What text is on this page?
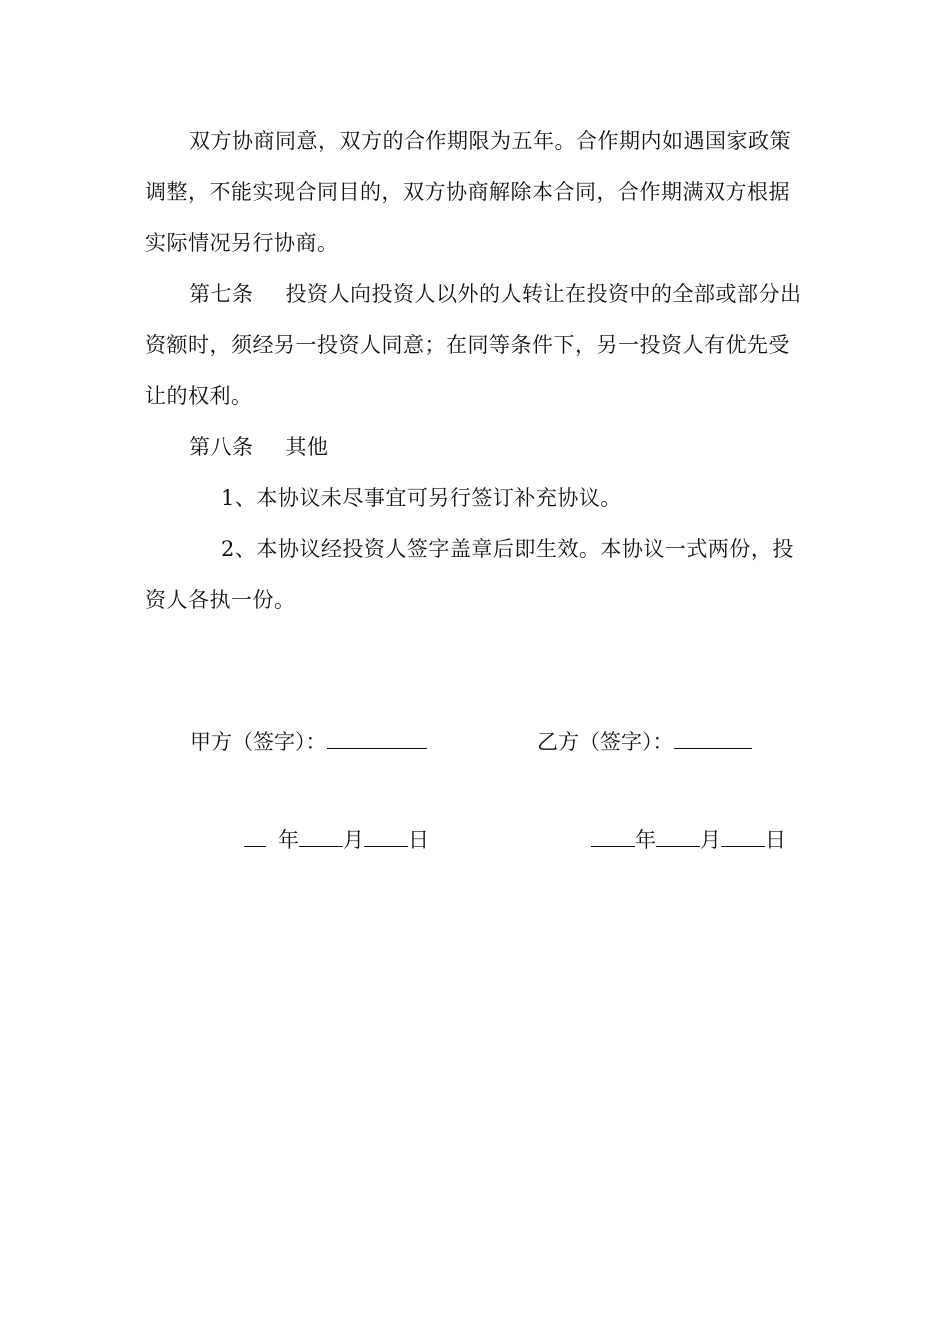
双方协商同意，双方的合作期限为五年。合作期内如遇国家政策调整，不能实现合同目的，双方协商解除本合同，合作期满双方根据实际情况另行协商。

第七条 投资人向投资人以外的人转让在投资中的全部或部分出资额时，须经另一投资人同意；在同等条件下，另一投资人有优先受让的权利。

第八条 其他

1、本协议未尽事宜可另行签订补充协议。

2、本协议经投资人签字盖章后即生效。本协议一式两份，投资人各执一份。

甲方（签字）：	乙方（签字）：
年 月 日	年 月 日
